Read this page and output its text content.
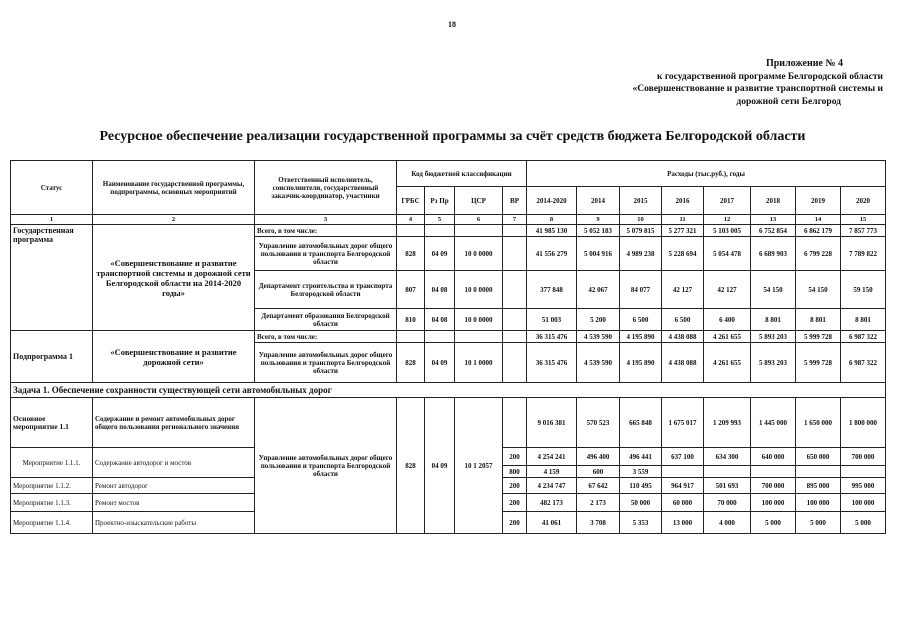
18
Приложение № 4
к государственной программе Белгородской области
«Совершенствование и развитие транспортной системы и
дорожной сети Белгород
Ресурсное обеспечение реализации государственной программы за счёт средств бюджета Белгородской области
Статус	Наименование государственной программы, подпрограммы, основных мероприятий	Ответственный исполнитель, соисполнители, государственный заказчик-координатор, участники	Код бюджетной классификации				Расходы (тыс.руб.), годы							
			ГРБС	Рз Пр	ЦСР	ВР	2014-2020	2014	2015	2016	2017	2018	2019	2020
1	2	3	4	5	6	7	8	9	10	11	12	13	14	15
Государственная программа	«Совершенствование и развитие транспортной системы и дорожной сети Белгородской области на 2014-2020 годы»	Всего, в том числе:					41 985 130	5 052 183	5 079 815	5 277 321	5 103 005	6 752 854	6 862 179	7 857 773
		Управление автомобильных дорог общего пользования и транспорта Белгородской области	828	04 09	10 0 0000		41 556 279	5 004 916	4 989 238	5 228 694	5 054 478	6 689 903	6 799 228	7 789 822
		Департамент строительства и транспорта Белгородской области	807	04 08	10 0 0000		377 848	42 067	84 077	42 127	42 127	54 150	54 150	59 150
		Департамент образования Белгородской области	810	04 08	10 0 0000		51 003	5 200	6 500	6 500	6 400	8 801	8 801	8 801
Подпрограмма 1	«Совершенствование и развитие дорожной сети»	Всего, в том числе:					36 315 476	4 539 590	4 195 890	4 438 088	4 261 655	5 893 203	5 999 728	6 987 322
		Управление автомобильных дорог общего пользования и транспорта Белгородской области	828	04 09	10 1 0000		36 315 476	4 539 590	4 195 890	4 438 088	4 261 655	5 893 203	5 999 728	6 987 322
Задача 1. Обеспечение сохранности существующей сети автомобильных дорог														
Основное мероприятие 1.1	Содержание и ремонт автомобильных дорог общего пользования регионального значения	Управление автомобильных дорог общего пользования и транспорта Белгородской области	828	04 09	10 1 2057		9 016 381	570 523	665 848	1 675 017	1 209 993	1 445 000	1 650 000	1 800 000
Мероприятие 1.1.1.	Содержание автодорог и мостов					200	4 254 241	496 400	496 441	637 100	634 300	640 000	650 000	700 000
						800	4 159	600	3 559					
Мероприятие 1.1.2.	Ремонт автодорог					200	4 234 747	67 642	110 495	964 917	501 693	700 000	895 000	995 000
Мероприятие 1.1.3.	Ремонт мостов					200	482 173	2 173	50 000	60 000	70 000	100 000	100 000	100 000
Мероприятие 1.1.4.	Проектно-изыскательские работы					200	41 061	3 708	5 353	13 000	4 000	5 000	5 000	5 000
